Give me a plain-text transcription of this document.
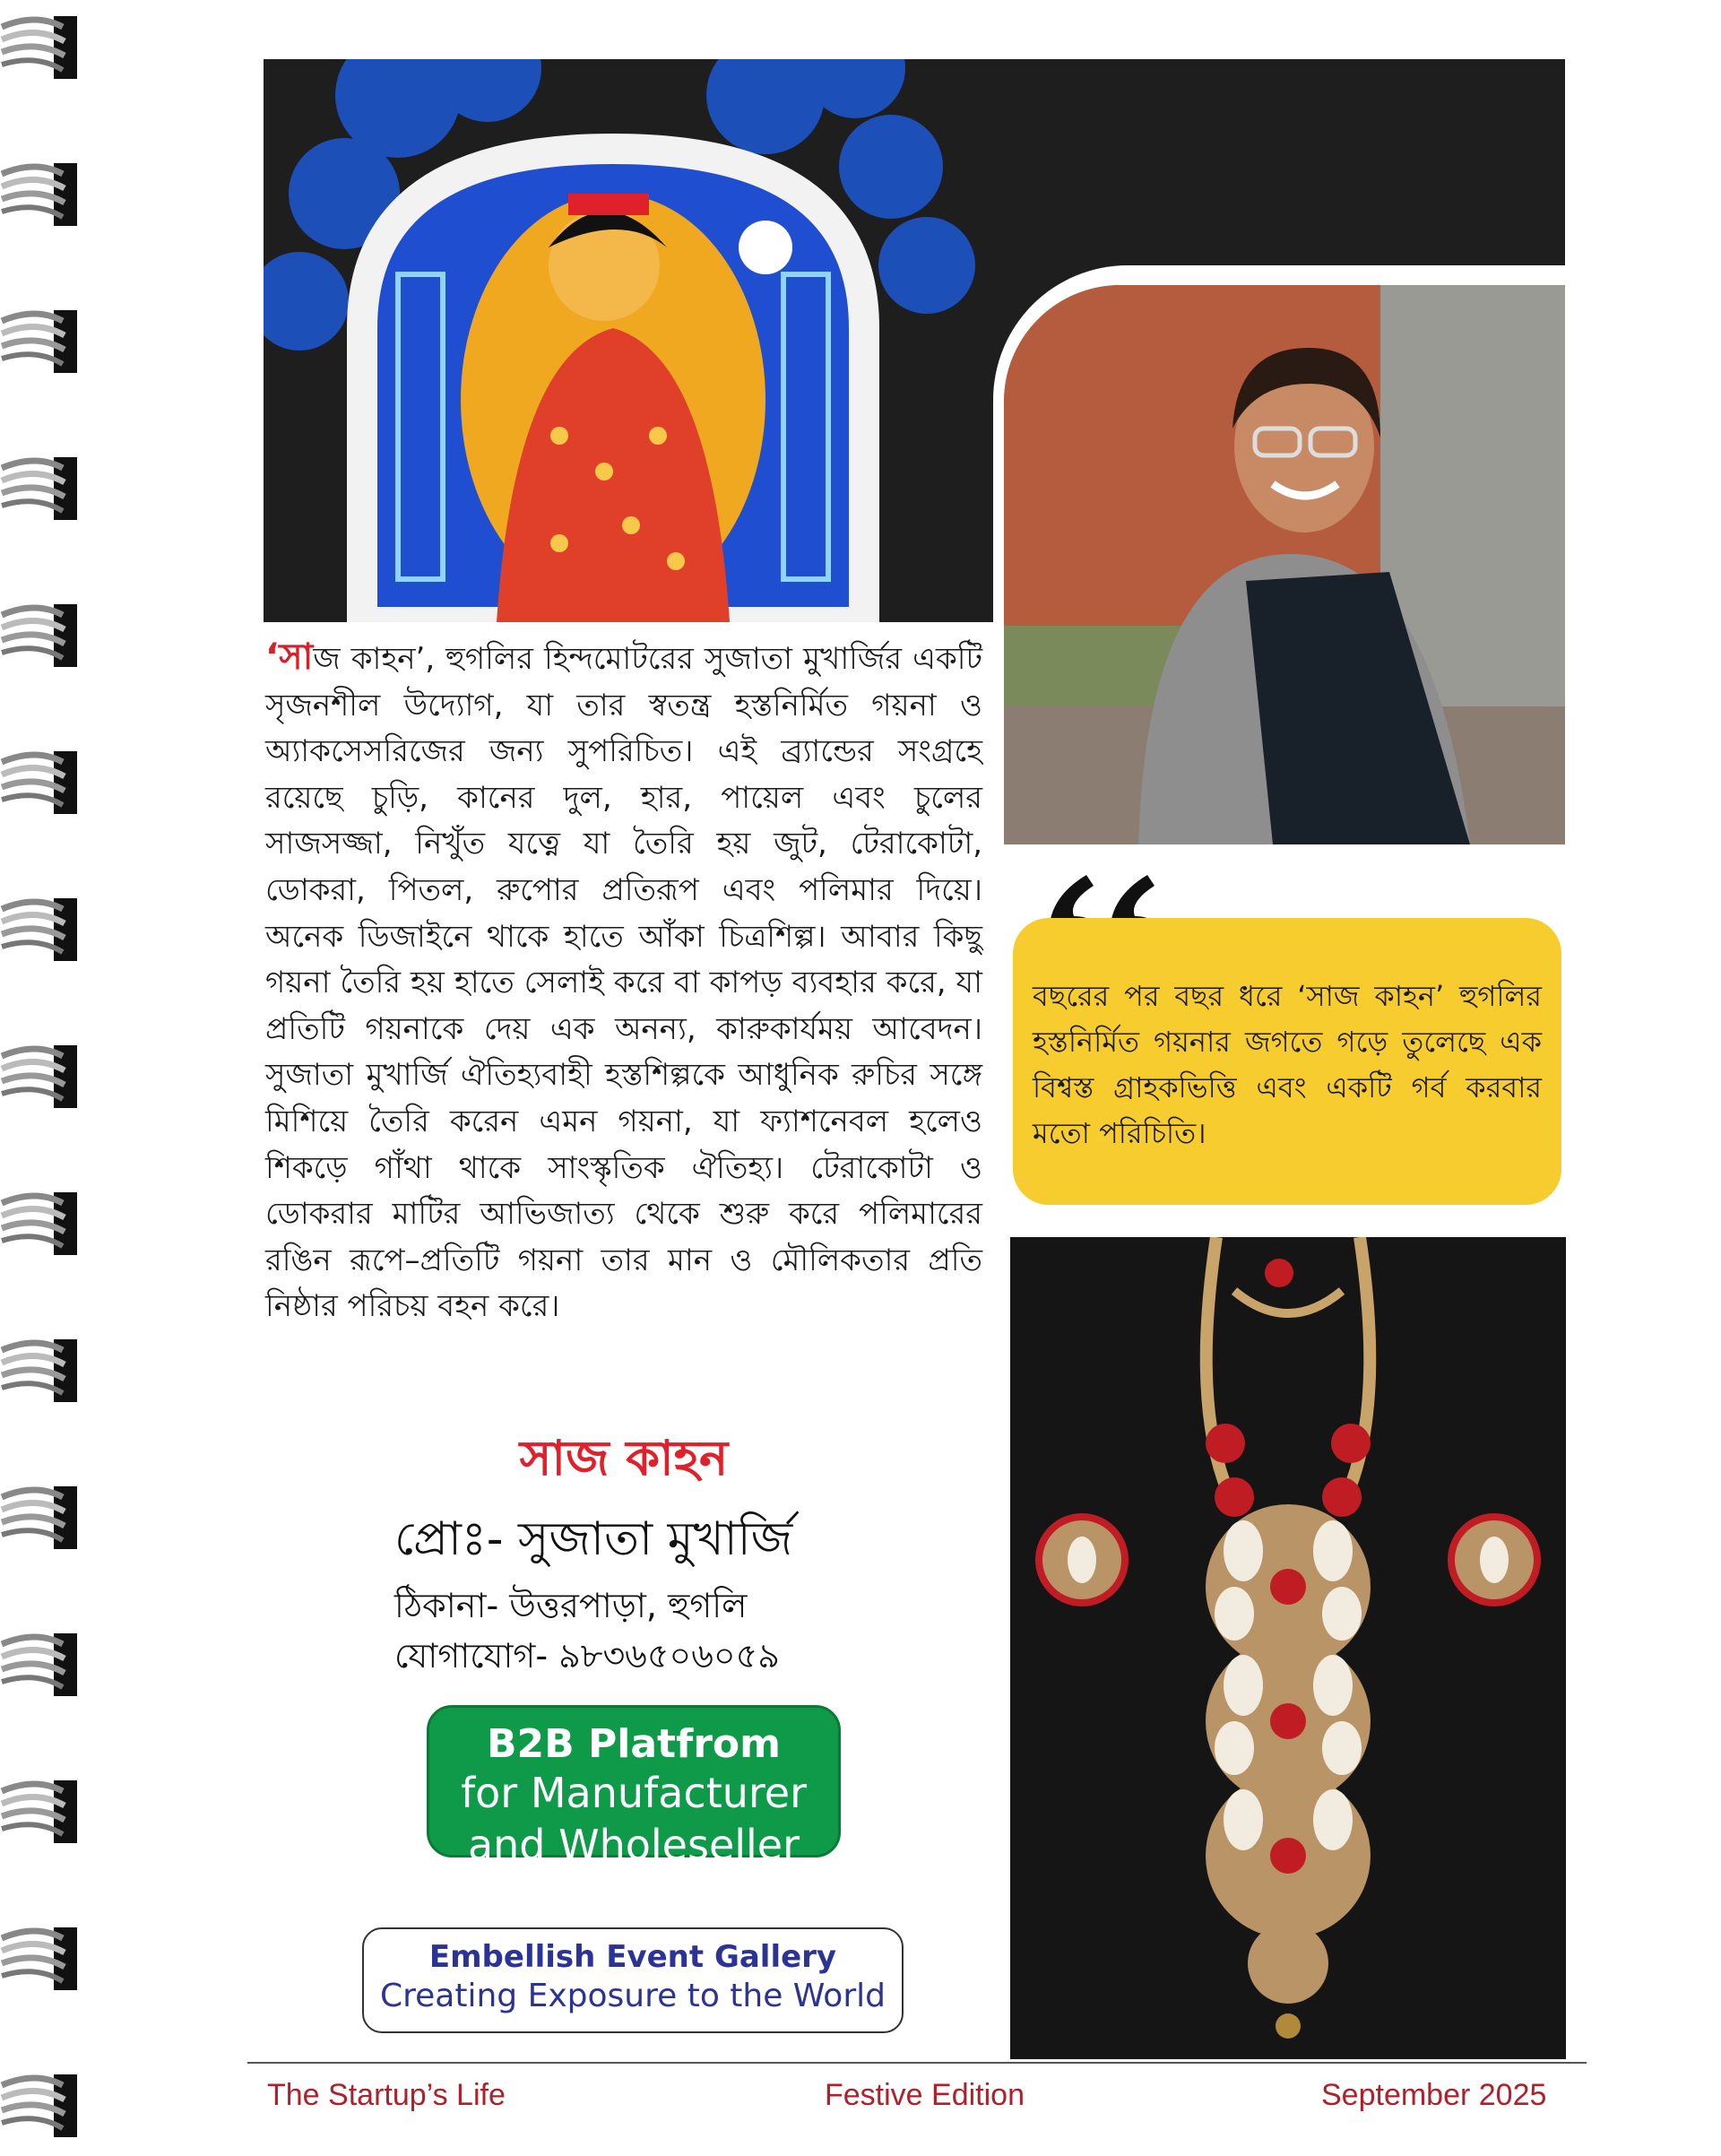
বছরের পর বছর ধরে ‘সাজ কাহন’ হুগলির হস্তনির্মিত গয়নার জগতে গড়ে তুলেছে এক বিশ্বস্ত গ্রাহকভিত্তি এবং একটি গর্ব করবার মতো পরিচিতি।
‘সাজ কাহন’, হুগলির হিন্দমোটরের সুজাতা মুখার্জির একটি সৃজনশীল উদ্যোগ, যা তার স্বতন্ত্র হস্তনির্মিত গয়না ও অ্যাকসেসরিজের জন্য সুপরিচিত। এই ব্র্যান্ডের সংগ্রহে রয়েছে চুড়ি, কানের দুল, হার, পায়েল এবং চুলের সাজসজ্জা, নিখুঁত যত্নে যা তৈরি হয় জুট, টেরাকোটা, ডোকরা, পিতল, রুপোর প্রতিরূপ এবং পলিমার দিয়ে। অনেক ডিজাইনে থাকে হাতে আঁকা চিত্রশিল্প। আবার কিছু গয়না তৈরি হয় হাতে সেলাই করে বা কাপড় ব্যবহার করে, যা প্রতিটি গয়নাকে দেয় এক অনন্য, কারুকার্যময় আবেদন। সুজাতা মুখার্জি ঐতিহ্যবাহী হস্তশিল্পকে আধুনিক রুচির সঙ্গে মিশিয়ে তৈরি করেন এমন গয়না, যা ফ্যাশনেবল হলেও শিকড়ে গাঁথা থাকে সাংস্কৃতিক ঐতিহ্য। টেরাকোটা ও ডোকরার মাটির আভিজাত্য থেকে শুরু করে পলিমারের রঙিন রূপে–প্রতিটি গয়না তার মান ও মৌলিকতার প্রতি নিষ্ঠার পরিচয় বহন করে।
সাজ কাহন
প্রোঃ- সুজাতা মুখার্জি
ঠিকানা- উত্তরপাড়া, হুগলি
যোগাযোগ- ৯৮৩৬৫০৬০৫৯
B2B Platfrom
for Manufacturer
and Wholeseller
Embellish Event Gallery
Creating Exposure to the World
The Startup’s Life	Festive Edition	September 2025
